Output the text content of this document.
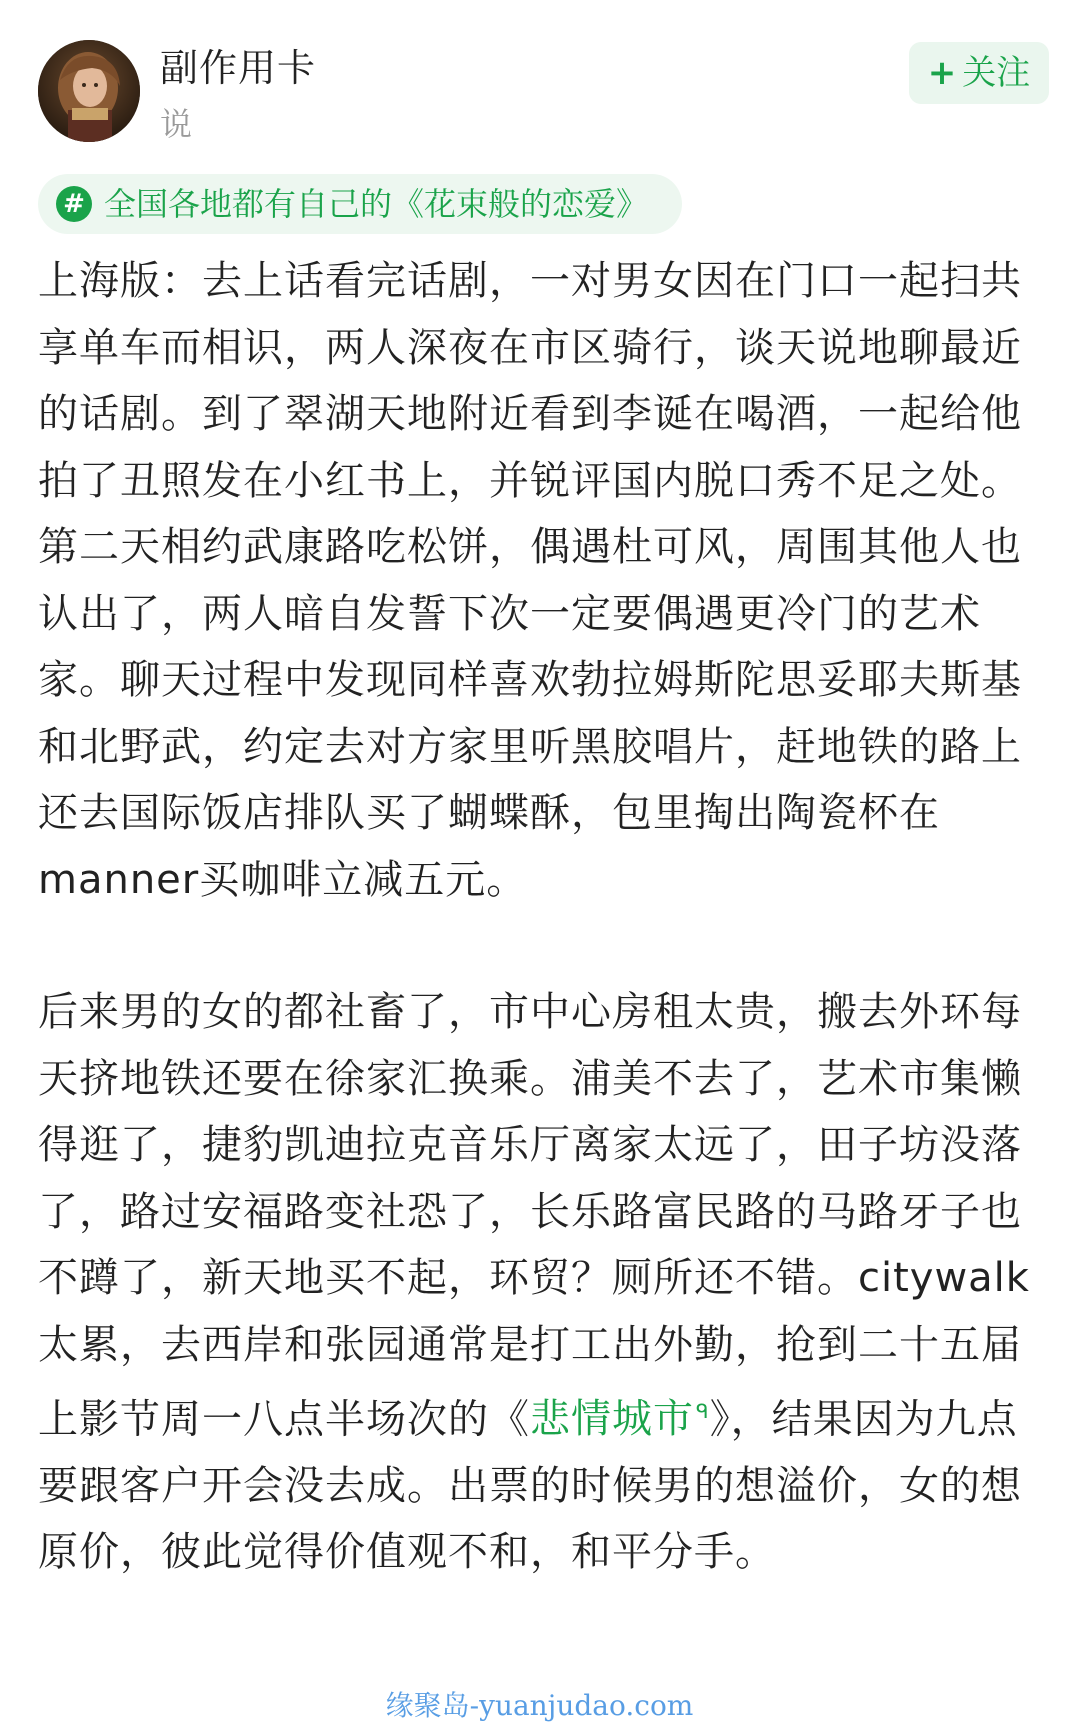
副作用卡
说
+ 关注
# 全国各地都有自己的《花束般的恋爱》

上海版：去上话看完话剧，一对男女因在门口一起扫共享单车而相识，两人深夜在市区骑行，谈天说地聊最近的话剧。到了翠湖天地附近看到李诞在喝酒，一起给他拍了丑照发在小红书上，并锐评国内脱口秀不足之处。第二天相约武康路吃松饼，偶遇杜可风，周围其他人也认出了，两人暗自发誓下次一定要偶遇更冷门的艺术家。聊天过程中发现同样喜欢勃拉姆斯陀思妥耶夫斯基和北野武，约定去对方家里听黑胶唱片，赶地铁的路上还去国际饭店排队买了蝴蝶酥，包里掏出陶瓷杯在manner买咖啡立减五元。

后来男的女的都社畜了，市中心房租太贵，搬去外环每天挤地铁还要在徐家汇换乘。浦美不去了，艺术市集懒得逛了，捷豹凯迪拉克音乐厅离家太远了，田子坊没落了，路过安福路变社恐了，长乐路富民路的马路牙子也不蹲了，新天地买不起，环贸？厕所还不错。citywalk太累，去西岸和张园通常是打工出外勤，抢到二十五届上影节周一八点半场次的《悲情城市 $^ᑫ$》，结果因为九点要跟客户开会没去成。出票的时候男的想溢价，女的想原价，彼此觉得价值观不和，和平分手。

缘聚岛-yuanjudao.com
